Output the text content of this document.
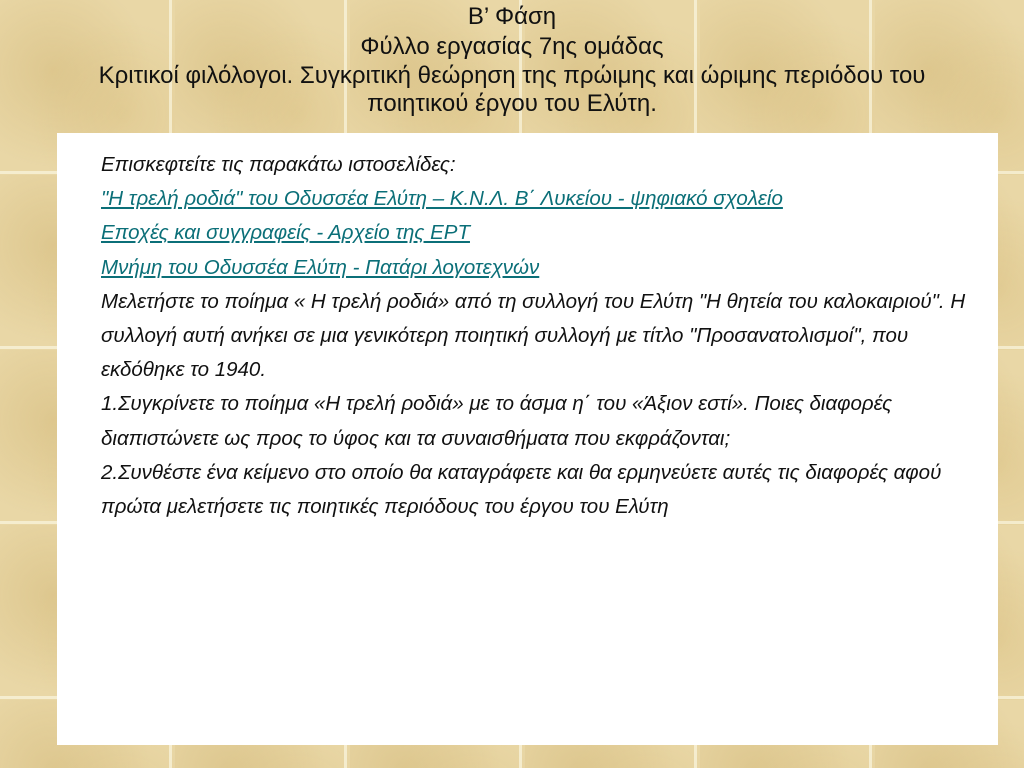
Β’ Φάση
Φύλλο εργασίας 7ης ομάδας
Κριτικοί φιλόλογοι. Συγκριτική θεώρηση της πρώιμης και ώριμης περιόδου του ποιητικού έργου του Ελύτη.

Επισκεφτείτε τις παρακάτω ιστοσελίδες:

"Η τρελή ροδιά" του Οδυσσέα Ελύτη – Κ.Ν.Λ. Β΄ Λυκείου - ψηφιακό σχολείο

Εποχές και συγγραφείς - Αρχείο της ΕΡΤ

Μνήμη του Οδυσσέα Ελύτη - Πατάρι λογοτεχνών

Μελετήστε το ποίημα « Η τρελή ροδιά» από τη συλλογή του Ελύτη "Η θητεία του καλοκαιριού". Η συλλογή αυτή ανήκει σε μια γενικότερη ποιητική συλλογή με τίτλο "Προσανατολισμοί", που εκδόθηκε το 1940.

1.Συγκρίνετε το ποίημα «Η τρελή ροδιά» με το άσμα η΄ του «Άξιον εστί». Ποιες διαφορές διαπιστώνετε ως προς το ύφος και τα συναισθήματα που εκφράζονται;

2.Συνθέστε ένα κείμενο στο οποίο θα καταγράφετε και θα ερμηνεύετε αυτές τις διαφορές αφού πρώτα μελετήσετε τις ποιητικές περιόδους του έργου του Ελύτη
